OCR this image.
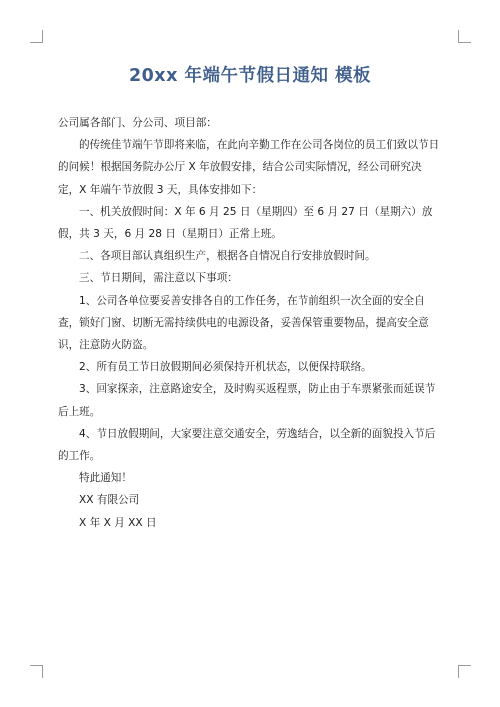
20xx 年端午节假日通知 模板

公司属各部门、分公司、项目部：

的传统佳节端午节即将来临，在此向辛勤工作在公司各岗位的员工们致以节日的问候！根据国务院办公厅 X 年放假安排，结合公司实际情况，经公司研究决定，X 年端午节放假 3 天，具体安排如下：

一、机关放假时间：X 年 6 月 25 日（星期四）至 6 月 27 日（星期六）放假，共 3 天，6 月 28 日（星期日）正常上班。

二、各项目部认真组织生产，根据各自情况自行安排放假时间。

三、节日期间，需注意以下事项：

1、公司各单位要妥善安排各自的工作任务，在节前组织一次全面的安全自查，锁好门窗、切断无需持续供电的电源设备，妥善保管重要物品，提高安全意识，注意防火防盗。

2、所有员工节日放假期间必须保持开机状态，以便保持联络。

3、回家探亲，注意路途安全，及时购买返程票，防止由于车票紧张而延误节后上班。

4、节日放假期间，大家要注意交通安全，劳逸结合，以全新的面貌投入节后的工作。

特此通知！

XX 有限公司

X 年 X 月 XX 日
